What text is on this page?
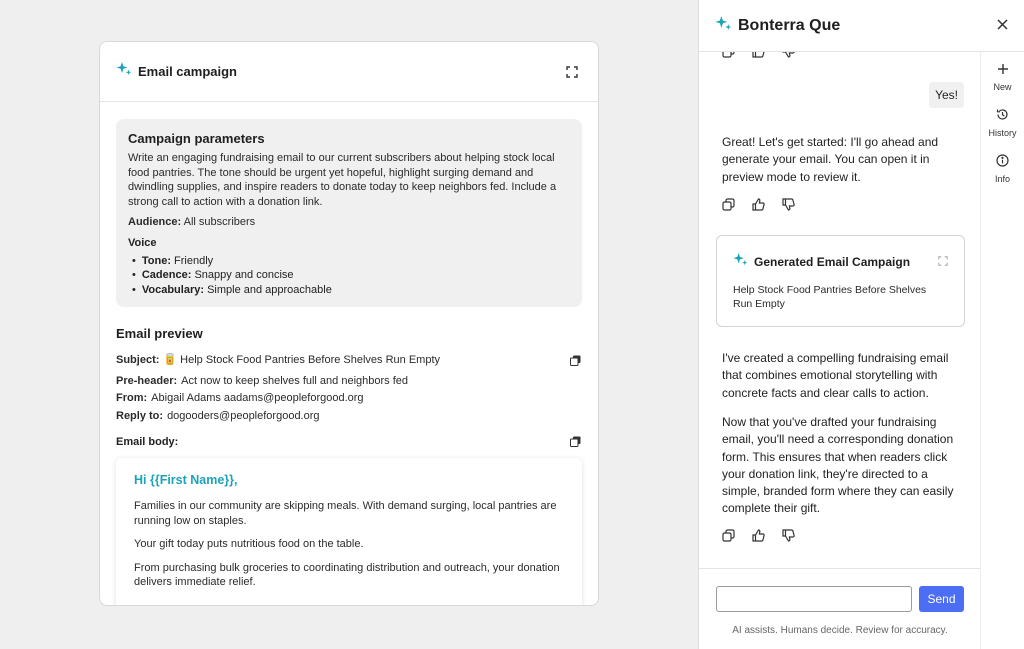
Email campaign
Campaign parameters

Write an engaging fundraising email to our current subscribers about helping stock local food pantries. The tone should be urgent yet hopeful, highlight surging demand and dwindling supplies, and inspire readers to donate today to keep neighbors fed. Include a strong call to action with a donation link.

Audience: All subscribers

Voice
• Tone: Friendly
• Cadence: Snappy and concise
• Vocabulary: Simple and approachable
Email preview
Subject: 🥫 Help Stock Food Pantries Before Shelves Run Empty
Pre-header: Act now to keep shelves full and neighbors fed
From: Abigail Adams aadams@peopleforgood.org
Reply to: dogooders@peopleforgood.org
Email body:
Hi {{First Name}},

Families in our community are skipping meals. With demand surging, local pantries are running low on staples.

Your gift today puts nutritious food on the table.

From purchasing bulk groceries to coordinating distribution and outreach, your donation delivers immediate relief.

Bonterra Que
Yes!
Great! Let's get started: I'll go ahead and generate your email. You can open it in preview mode to review it.
Generated Email Campaign
Help Stock Food Pantries Before Shelves Run Empty
I've created a compelling fundraising email that combines emotional storytelling with concrete facts and clear calls to action.
Now that you've drafted your fundraising email, you'll need a corresponding donation form. This ensures that when readers click your donation link, they're directed to a simple, branded form where they can easily complete their gift.
Send
AI assists. Humans decide. Review for accuracy.
New
History
Info
